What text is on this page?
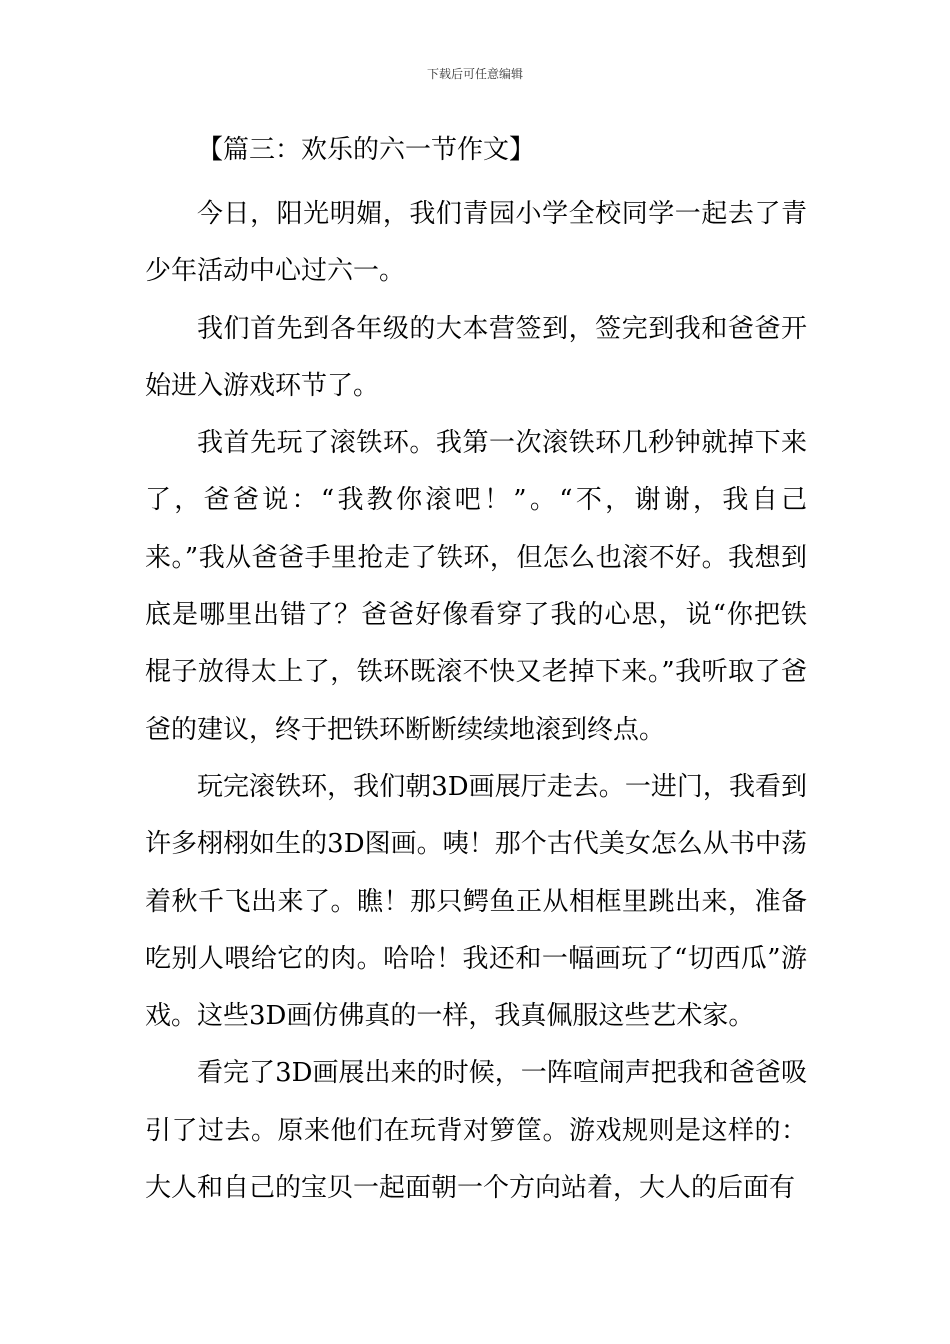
下载后可任意编辑
【篇三：欢乐的六一节作文】

今日，阳光明媚，我们青园小学全校同学一起去了青少年活动中心过六一。

我们首先到各年级的大本营签到，签完到我和爸爸开始进入游戏环节了。

我首先玩了滚铁环。我第一次滚铁环几秒钟就掉下来了，爸爸说：“我教你滚吧！”。“不，谢谢，我自己来。”我从爸爸手里抢走了铁环，但怎么也滚不好。我想到底是哪里出错了？爸爸好像看穿了我的心思，说“你把铁棍子放得太上了，铁环既滚不快又老掉下来。”我听取了爸爸的建议，终于把铁环断断续续地滚到终点。

玩完滚铁环，我们朝3D画展厅走去。一进门，我看到许多栩栩如生的3D图画。咦！那个古代美女怎么从书中荡着秋千飞出来了。瞧！那只鳄鱼正从相框里跳出来，准备吃别人喂给它的肉。哈哈！我还和一幅画玩了“切西瓜”游戏。这些3D画仿佛真的一样，我真佩服这些艺术家。

看完了3D画展出来的时候，一阵喧闹声把我和爸爸吸引了过去。原来他们在玩背对箩筐。游戏规则是这样的：大人和自己的宝贝一起面朝一个方向站着，大人的后面有
